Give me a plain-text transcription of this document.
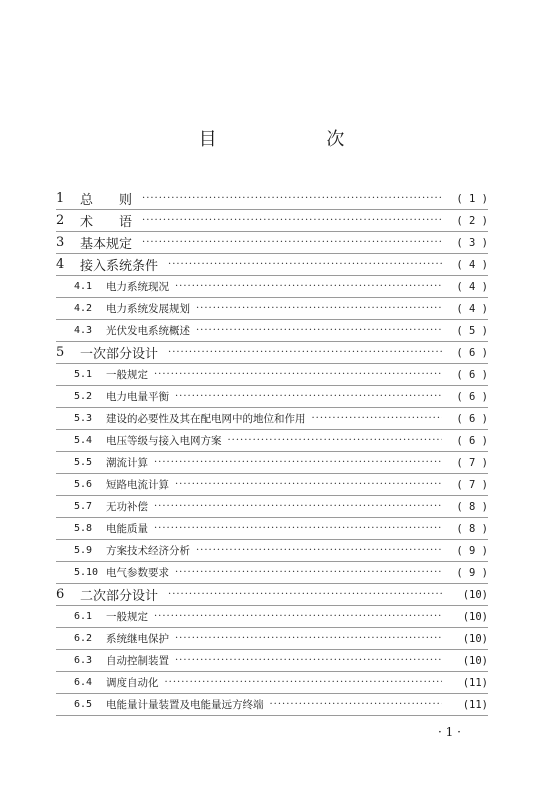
目 次
1	总　　则 ·····	( 1 )
2	术　　语 ·····	( 2 )
3	基本规定 ·····	( 3 )
4	接入系统条件 ·····	( 4 )
4.1	电力系统现况 ·····	( 4 )
4.2	电力系统发展规划 ·····	( 4 )
4.3	光伏发电系统概述 ·····	( 5 )
5	一次部分设计 ·····	( 6 )
5.1	一般规定 ·····	( 6 )
5.2	电力电量平衡 ·····	( 6 )
5.3	建设的必要性及其在配电网中的地位和作用 ·····	( 6 )
5.4	电压等级与接入电网方案 ·····	( 6 )
5.5	潮流计算 ·····	( 7 )
5.6	短路电流计算 ·····	( 7 )
5.7	无功补偿 ·····	( 8 )
5.8	电能质量 ·····	( 8 )
5.9	方案技术经济分析 ·····	( 9 )
5.10 电气参数要求 ·····	( 9 )
6	二次部分设计 ·····	(10)
6.1	一般规定 ·····	(10)
6.2	系统继电保护 ·····	(10)
6.3	自动控制装置 ·····	(10)
6.4	调度自动化 ·····	(11)
6.5	电能量计量装置及电能量远方终端 ·····	(11)
· 1 ·
